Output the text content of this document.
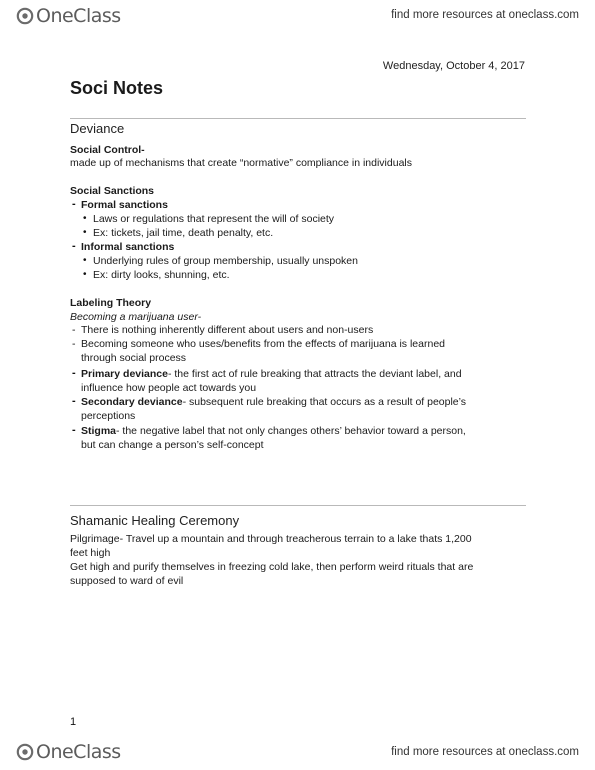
OneClass	find more resources at oneclass.com
Wednesday, October 4, 2017
Soci Notes
Deviance
Social Control-
made up of mechanisms that create “normative” compliance in individuals
Social Sanctions
- Formal sanctions
• Laws or regulations that represent the will of society
• Ex: tickets, jail time, death penalty, etc.
- Informal sanctions
• Underlying rules of group membership, usually unspoken
• Ex: dirty looks, shunning, etc.
Labeling Theory
Becoming a marijuana user-
- There is nothing inherently different about users and non-users
- Becoming someone who uses/benefits from the effects of marijuana is learned
through social process
- Primary deviance- the first act of rule breaking that attracts the deviant label, and
influence how people act towards you
- Secondary deviance- subsequent rule breaking that occurs as a result of people’s
perceptions
- Stigma- the negative label that not only changes others’ behavior toward a person,
but can change a person’s self-concept
Shamanic Healing Ceremony
Pilgrimage- Travel up a mountain and through treacherous terrain to a lake thats 1,200
feet high
Get high and purify themselves in freezing cold lake, then perform weird rituals that are
supposed to ward of evil
1
OneClass	find more resources at oneclass.com
